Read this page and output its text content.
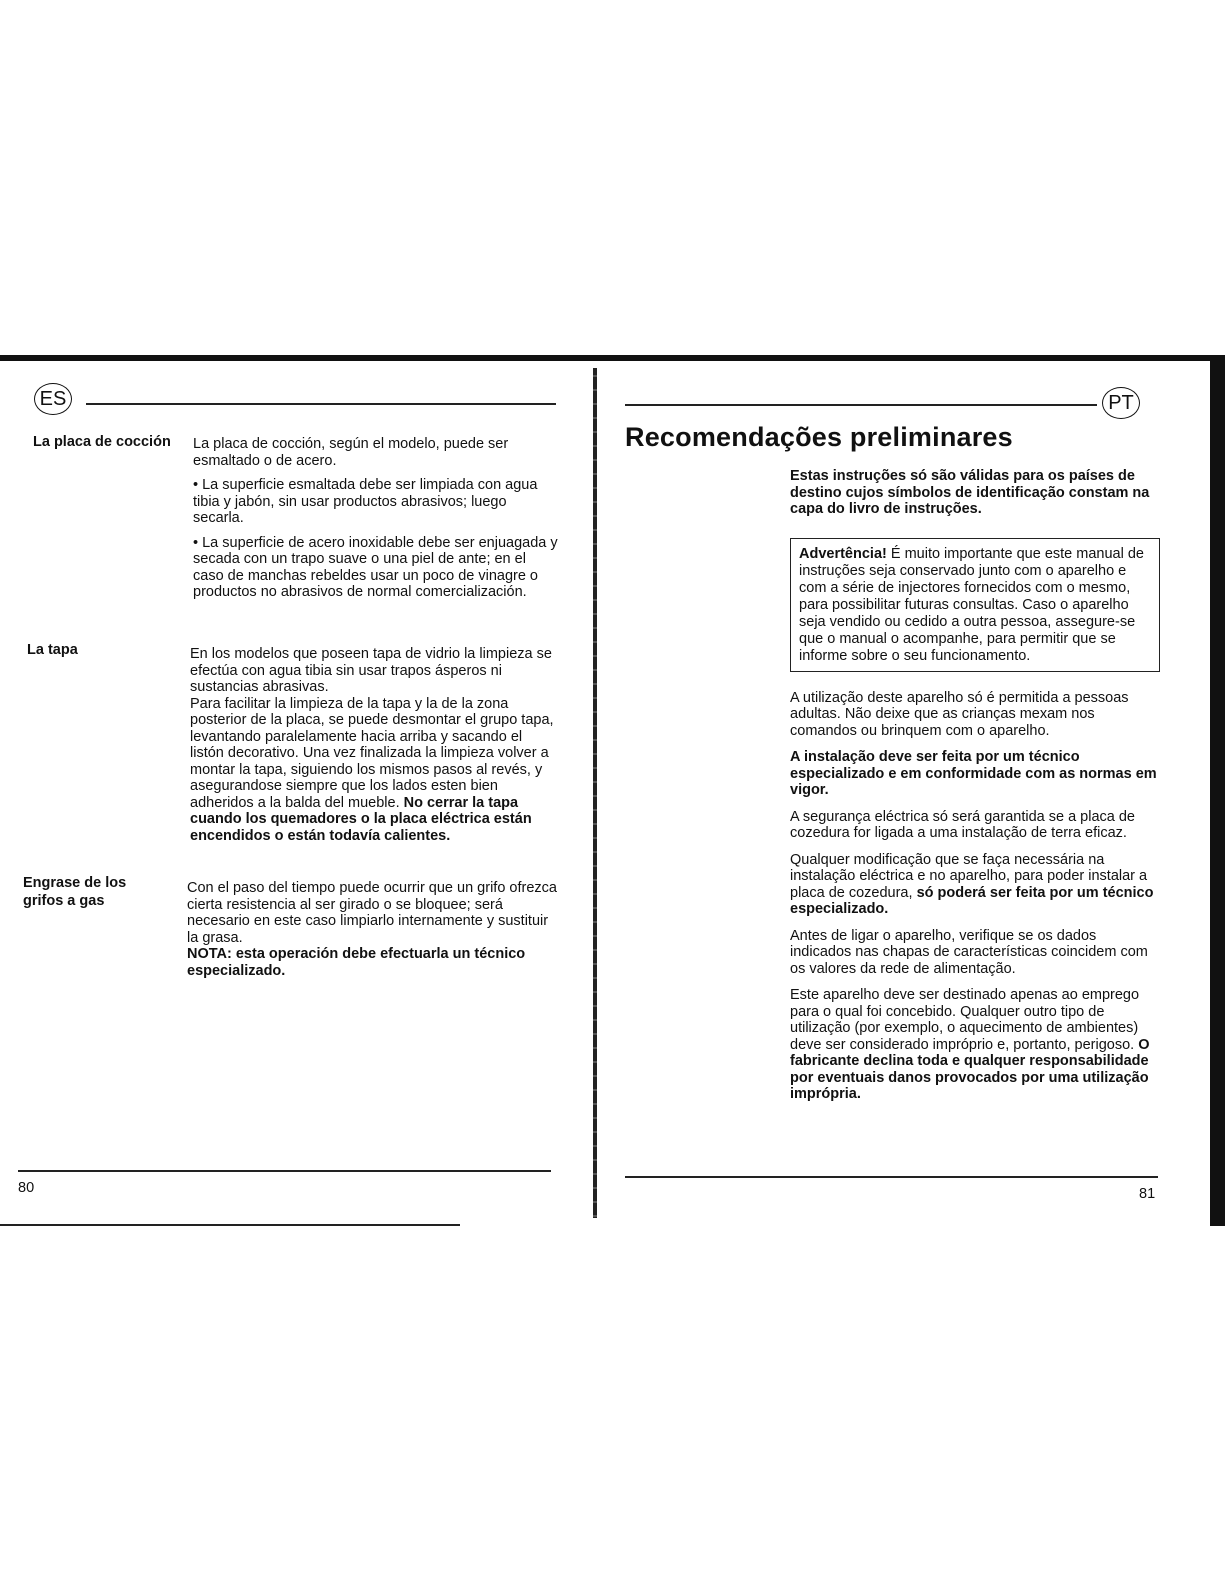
ES
La placa de cocción	La placa de cocción, según el modelo, puede ser esmaltado o de acero.

• La superficie esmaltada debe ser limpiada con agua tibia y jabón, sin usar productos abrasivos; luego secarla.

• La superficie de acero inoxidable debe ser enjuagada y secada con un trapo suave o una piel de ante; en el caso de manchas rebeldes usar un poco de vinagre o productos no abrasivos de normal comercialización.

La tapa	En los modelos que poseen tapa de vidrio la limpieza se efectúa con agua tibia sin usar trapos ásperos ni sustancias abrasivas.

Para facilitar la limpieza de la tapa y la de la zona posterior de la placa, se puede desmontar el grupo tapa, levantando paralelamente hacia arriba y sacando el listón decorativo. Una vez finalizada la limpieza volver a montar la tapa, siguiendo los mismos pasos al revés, y asegurandose siempre que los lados esten bien adheridos a la balda del mueble. No cerrar la tapa cuando los quemadores o la placa eléctrica están encendidos o están todavía calientes.

Engrase de los grifos a gas

Con el paso del tiempo puede ocurrir que un grifo ofrezca cierta resistencia al ser girado o se bloquee; será necesario en este caso limpiarlo internamente y sustituir la grasa.

NOTA: esta operación debe efectuarla un técnico especializado.

80
PT
Recomendações preliminares

Estas instruções só são válidas para os países de destino cujos símbolos de identificação constam na capa do livro de instruções.

Advertência! É muito importante que este manual de instruções seja conservado junto com o aparelho e com a série de injectores fornecidos com o mesmo, para possibilitar futuras consultas. Caso o aparelho seja vendido ou cedido a outra pessoa, assegure-se que o manual o acompanhe, para permitir que se informe sobre o seu funcionamento.

A utilização deste aparelho só é permitida a pessoas adultas. Não deixe que as crianças mexam nos comandos ou brinquem com o aparelho.

A instalação deve ser feita por um técnico especializado e em conformidade com as normas em vigor.

A segurança eléctrica só será garantida se a placa de cozedura for ligada a uma instalação de terra eficaz.

Qualquer modificação que se faça necessária na instalação eléctrica e no aparelho, para poder instalar a placa de cozedura, só poderá ser feita por um técnico especializado.

Antes de ligar o aparelho, verifique se os dados indicados nas chapas de características coincidem com os valores da rede de alimentação.

Este aparelho deve ser destinado apenas ao emprego para o qual foi concebido. Qualquer outro tipo de utilização (por exemplo, o aquecimento de ambientes) deve ser considerado impróprio e, portanto, perigoso. O fabricante declina toda e qualquer responsabilidade por eventuais danos provocados por uma utilização imprópria.

81
